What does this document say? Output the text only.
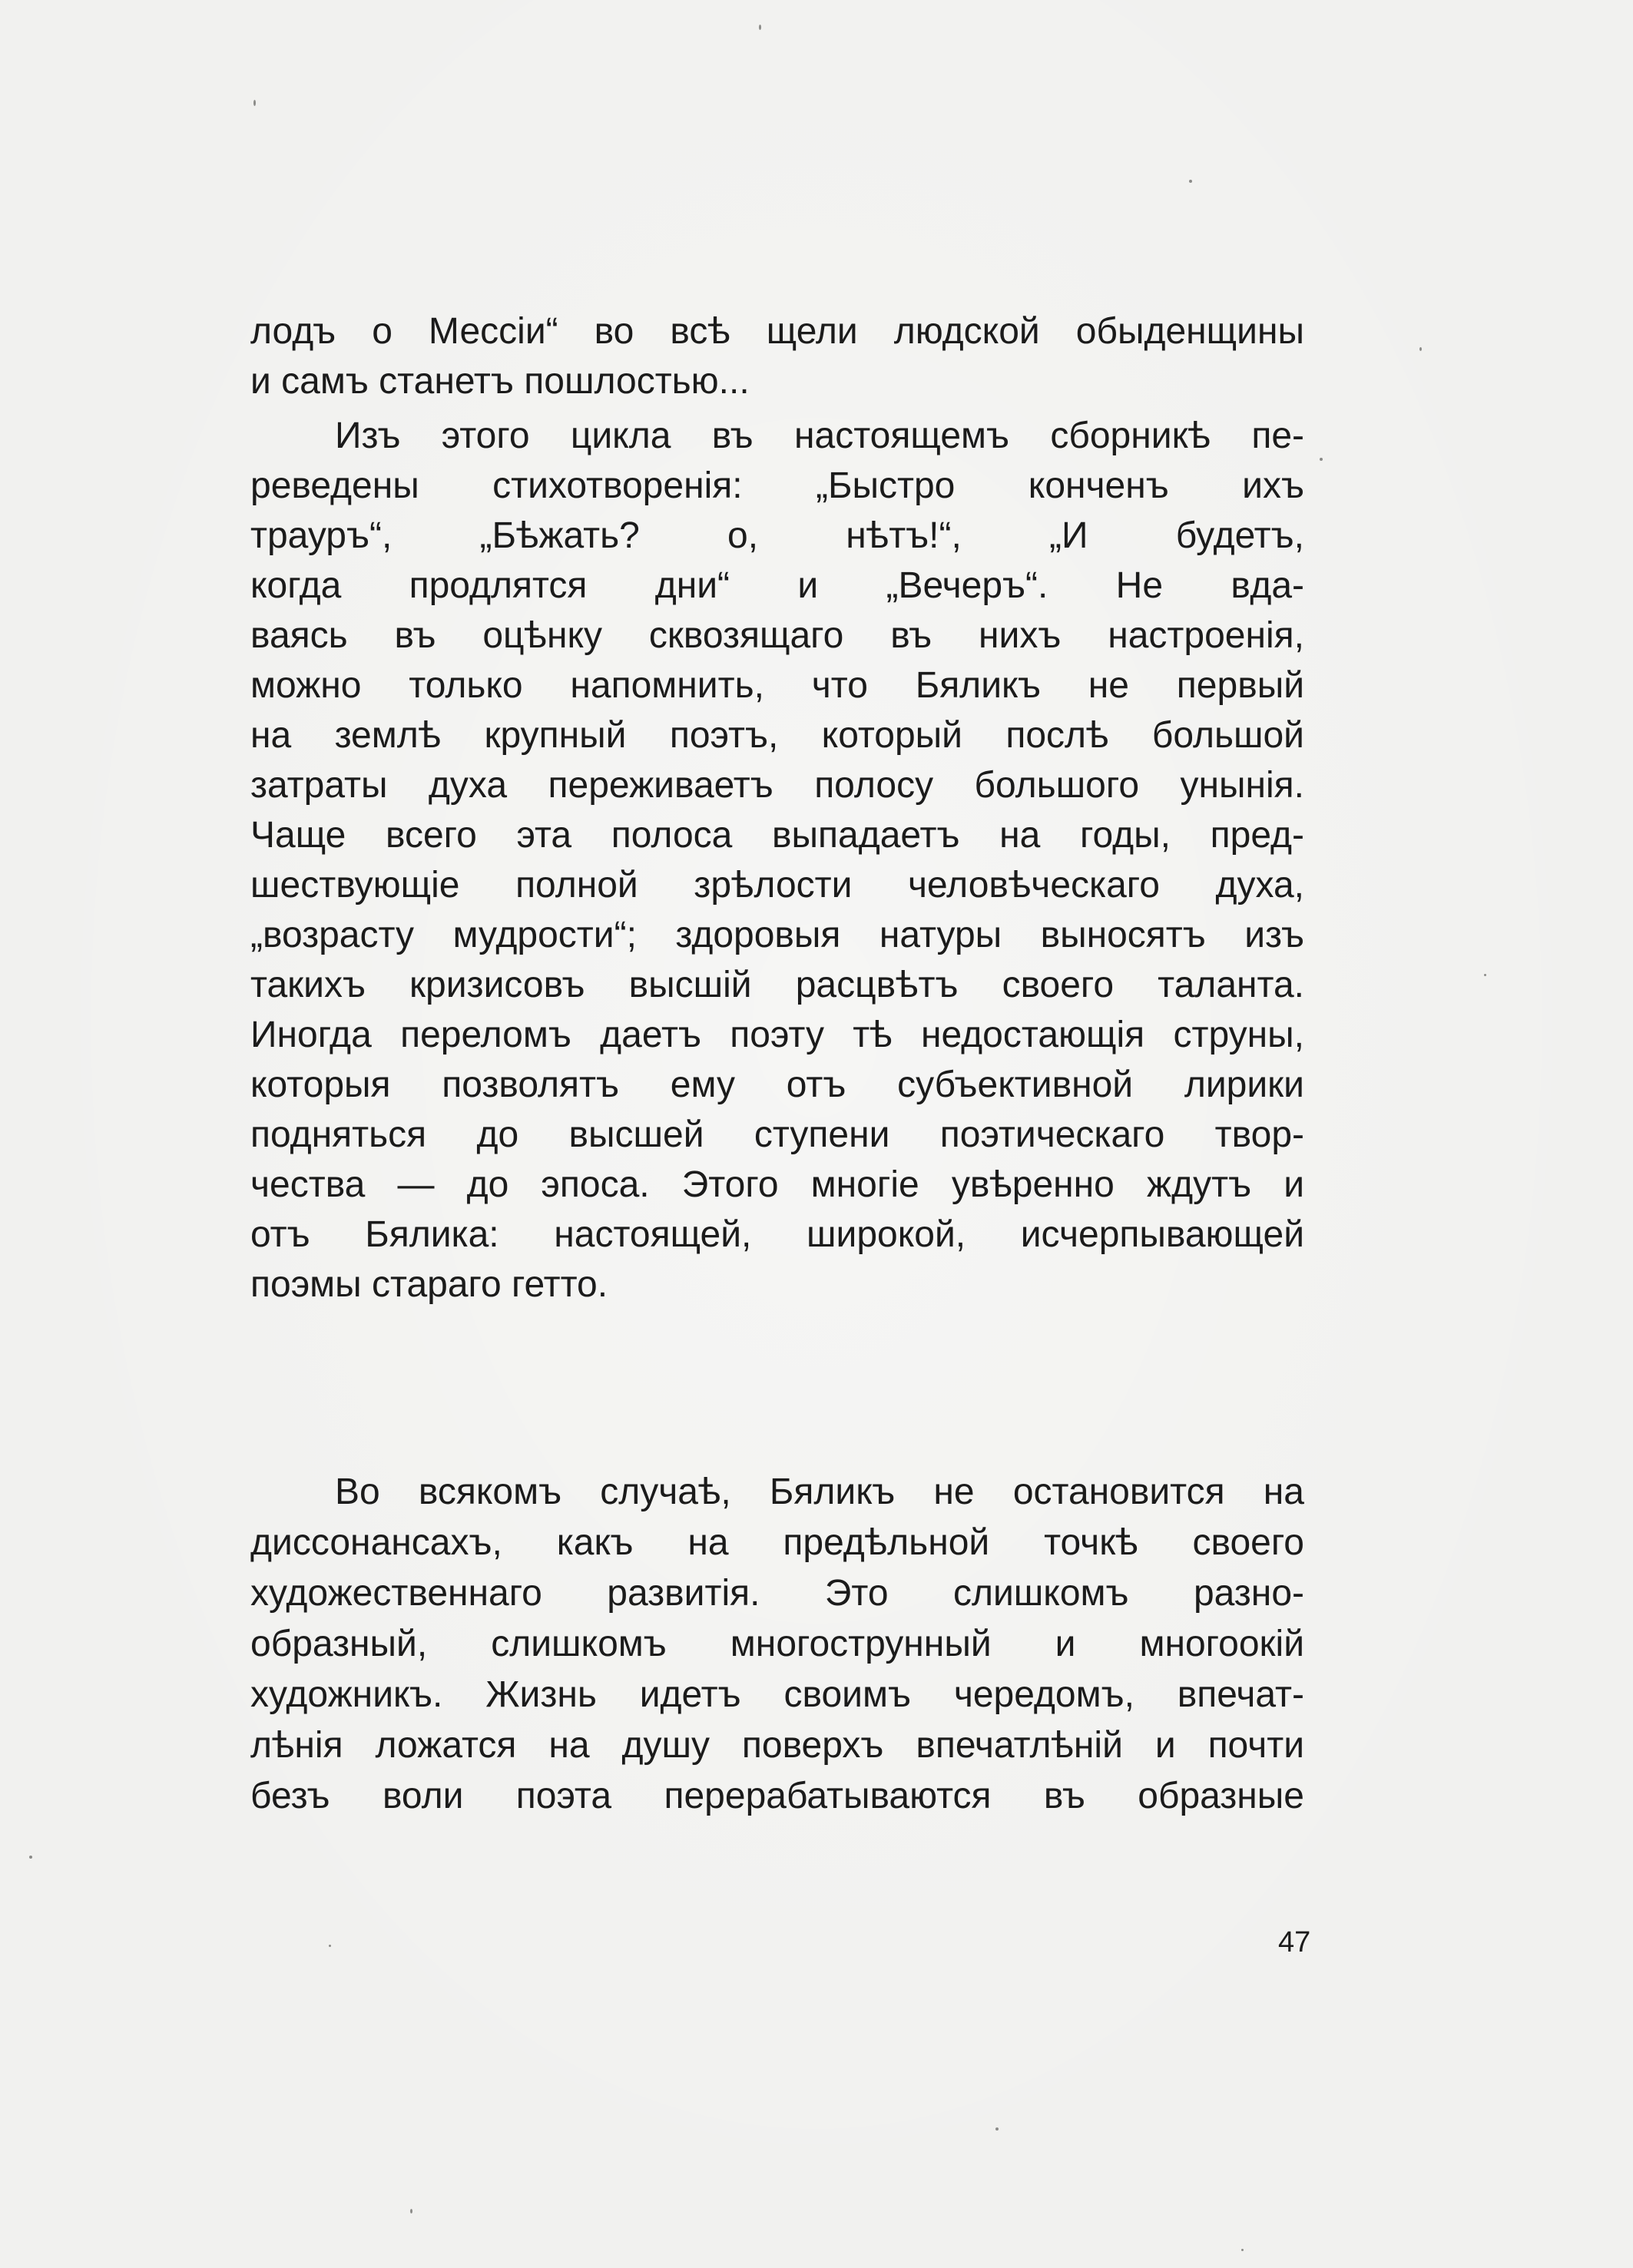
лодъ о Мессіи“ во всѣ щели людской обыденщины
и самъ станетъ пошлостью...
Изъ этого цикла въ настоящемъ сборникѣ пе-
реведены стихотворенія: „Быстро конченъ ихъ
трауръ“, „Бѣжать? о, нѣтъ!“, „И будетъ,
когда продлятся дни“ и „Вечеръ“. Не вда-
ваясь въ оцѣнку сквозящаго въ нихъ настроенія,
можно только напомнить, что Бяликъ не первый
на землѣ крупный поэтъ, который послѣ большой
затраты духа переживаетъ полосу большого унынія.
Чаще всего эта полоса выпадаетъ на годы, пред-
шествующіе полной зрѣлости человѣческаго духа,
„возрасту мудрости“; здоровыя натуры выносятъ изъ
такихъ кризисовъ высшій расцвѣтъ своего таланта.
Иногда переломъ даетъ поэту тѣ недостающія струны,
которыя позволятъ ему отъ субъективной лирики
подняться до высшей ступени поэтическаго твор-
чества — до эпоса. Этого многіе увѣренно ждутъ и
отъ Бялика: настоящей, широкой, исчерпывающей
поэмы стараго гетто.
Во всякомъ случаѣ, Бяликъ не остановится на
диссонансахъ, какъ на предѣльной точкѣ своего
художественнаго развитія. Это слишкомъ разно-
образный, слишкомъ многострунный и многоокій
художникъ. Жизнь идетъ своимъ чередомъ, впечат-
лѣнія ложатся на душу поверхъ впечатлѣній и почти
безъ воли поэта перерабатываются въ образные
47
